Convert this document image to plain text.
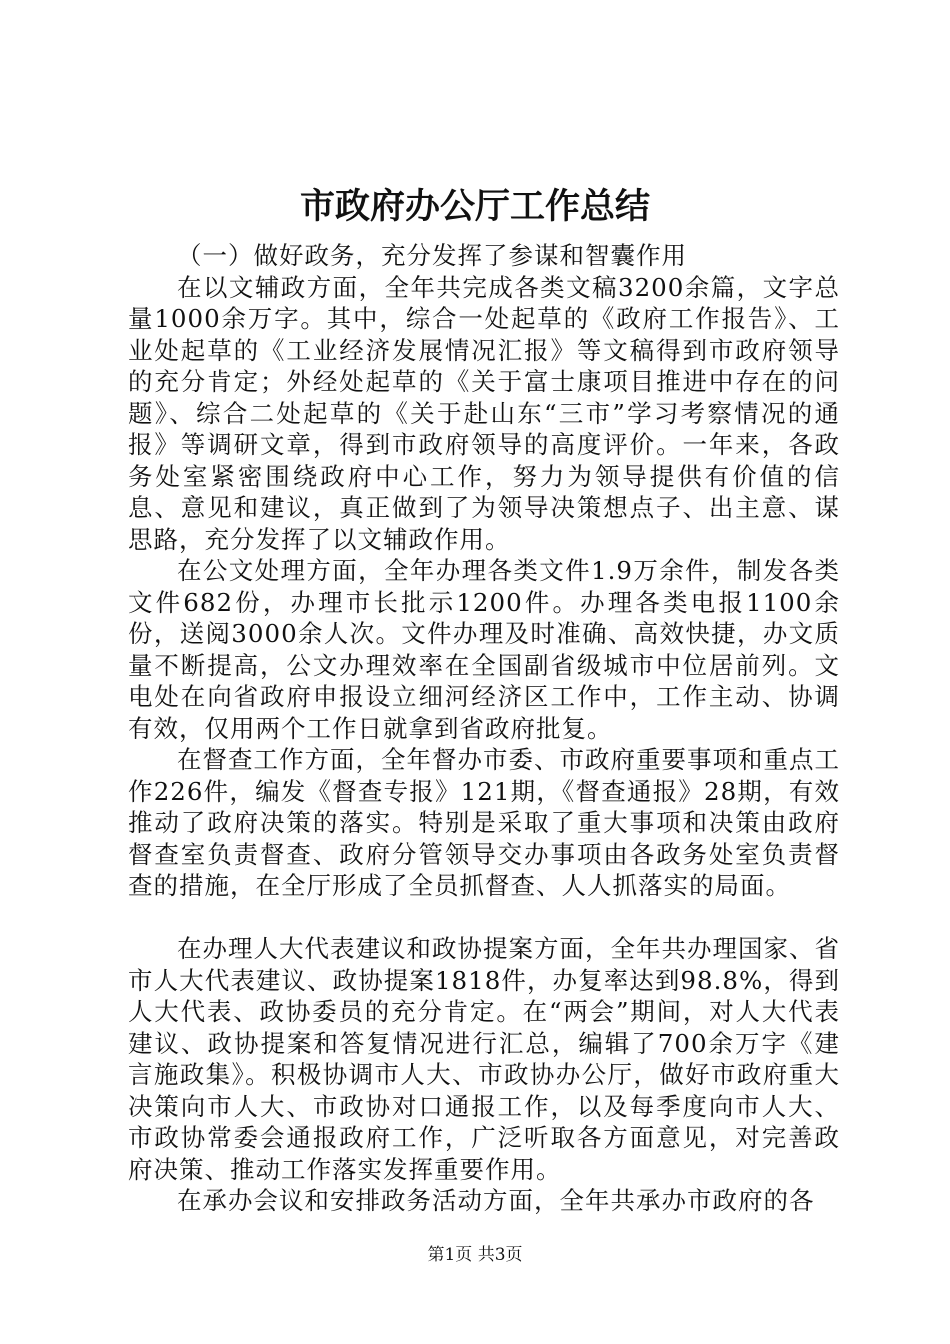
市政府办公厅工作总结

（一）做好政务，充分发挥了参谋和智囊作用

在以文辅政方面，全年共完成各类文稿3200余篇，文字总量1000余万字。其中，综合一处起草的《政府工作报告》、工业处起草的《工业经济发展情况汇报》等文稿得到市政府领导的充分肯定；外经处起草的《关于富士康项目推进中存在的问题》、综合二处起草的《关于赴山东“三市”学习考察情况的通报》等调研文章，得到市政府领导的高度评价。一年来，各政务处室紧密围绕政府中心工作，努力为领导提供有价值的信息、意见和建议，真正做到了为领导决策想点子、出主意、谋思路，充分发挥了以文辅政作用。

在公文处理方面，全年办理各类文件1.9万余件，制发各类文件682份，办理市长批示1200件。办理各类电报1100余份，送阅3000余人次。文件办理及时准确、高效快捷，办文质量不断提高，公文办理效率在全国副省级城市中位居前列。文电处在向省政府申报设立细河经济区工作中，工作主动、协调有效，仅用两个工作日就拿到省政府批复。

在督查工作方面，全年督办市委、市政府重要事项和重点工作226件，编发《督查专报》121期，《督查通报》28期，有效推动了政府决策的落实。特别是采取了重大事项和决策由政府督查室负责督查、政府分管领导交办事项由各政务处室负责督查的措施，在全厅形成了全员抓督查、人人抓落实的局面。

在办理人大代表建议和政协提案方面，全年共办理国家、省市人大代表建议、政协提案1818件，办复率达到98.8%，得到人大代表、政协委员的充分肯定。在“两会”期间，对人大代表建议、政协提案和答复情况进行汇总，编辑了700余万字《建言施政集》。积极协调市人大、市政协办公厅，做好市政府重大决策向市人大、市政协对口通报工作，以及每季度向市人大、市政协常委会通报政府工作，广泛听取各方面意见，对完善政府决策、推动工作落实发挥重要作用。

在承办会议和安排政务活动方面，全年共承办市政府的各

第1页 共3页
